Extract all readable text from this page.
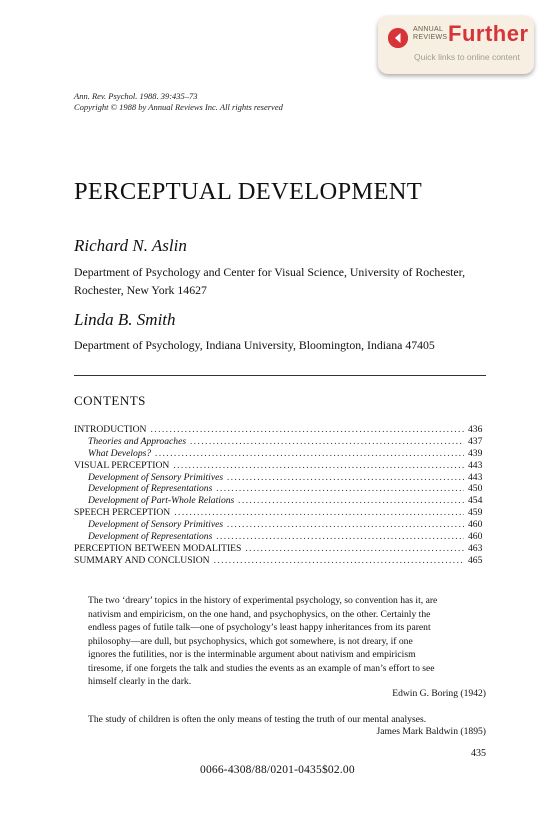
ANNUAL
REVIEWS Further
Quick links to online content
Ann. Rev. Psychol. 1988. 39:435–73
Copyright © 1988 by Annual Reviews Inc. All rights reserved
PERCEPTUAL DEVELOPMENT
Richard N. Aslin
Department of Psychology and Center for Visual Science, University of Rochester,
Rochester, New York 14627
Linda B. Smith
Department of Psychology, Indiana University, Bloomington, Indiana 47405
CONTENTS
INTRODUCTION . . .	436
Theories and Approaches . . .	437
What Develops? . . .	439
VISUAL PERCEPTION . . .	443
Development of Sensory Primitives . . .	443
Development of Representations . . .	450
Development of Part-Whole Relations . . .	454
SPEECH PERCEPTION . . .	459
Development of Sensory Primitives . . .	460
Development of Representations . . .	460
PERCEPTION BETWEEN MODALITIES . . .	463
SUMMARY AND CONCLUSION . . .	465
The two ‘dreary’ topics in the history of experimental psychology, so convention has it, are
nativism and empiricism, on the one hand, and psychophysics, on the other. Certainly the
endless pages of futile talk—one of psychology’s least happy inheritances from its parent
philosophy—are dull, but psychophysics, which got somewhere, is not dreary, if one
ignores the futilities, nor is the interminable argument about nativism and empiricism
tiresome, if one forgets the talk and studies the events as an example of man’s effort to see
himself clearly in the dark.
Edwin G. Boring (1942)
The study of children is often the only means of testing the truth of our mental analyses.
James Mark Baldwin (1895)
435
0066-4308/88/0201-0435$02.00
